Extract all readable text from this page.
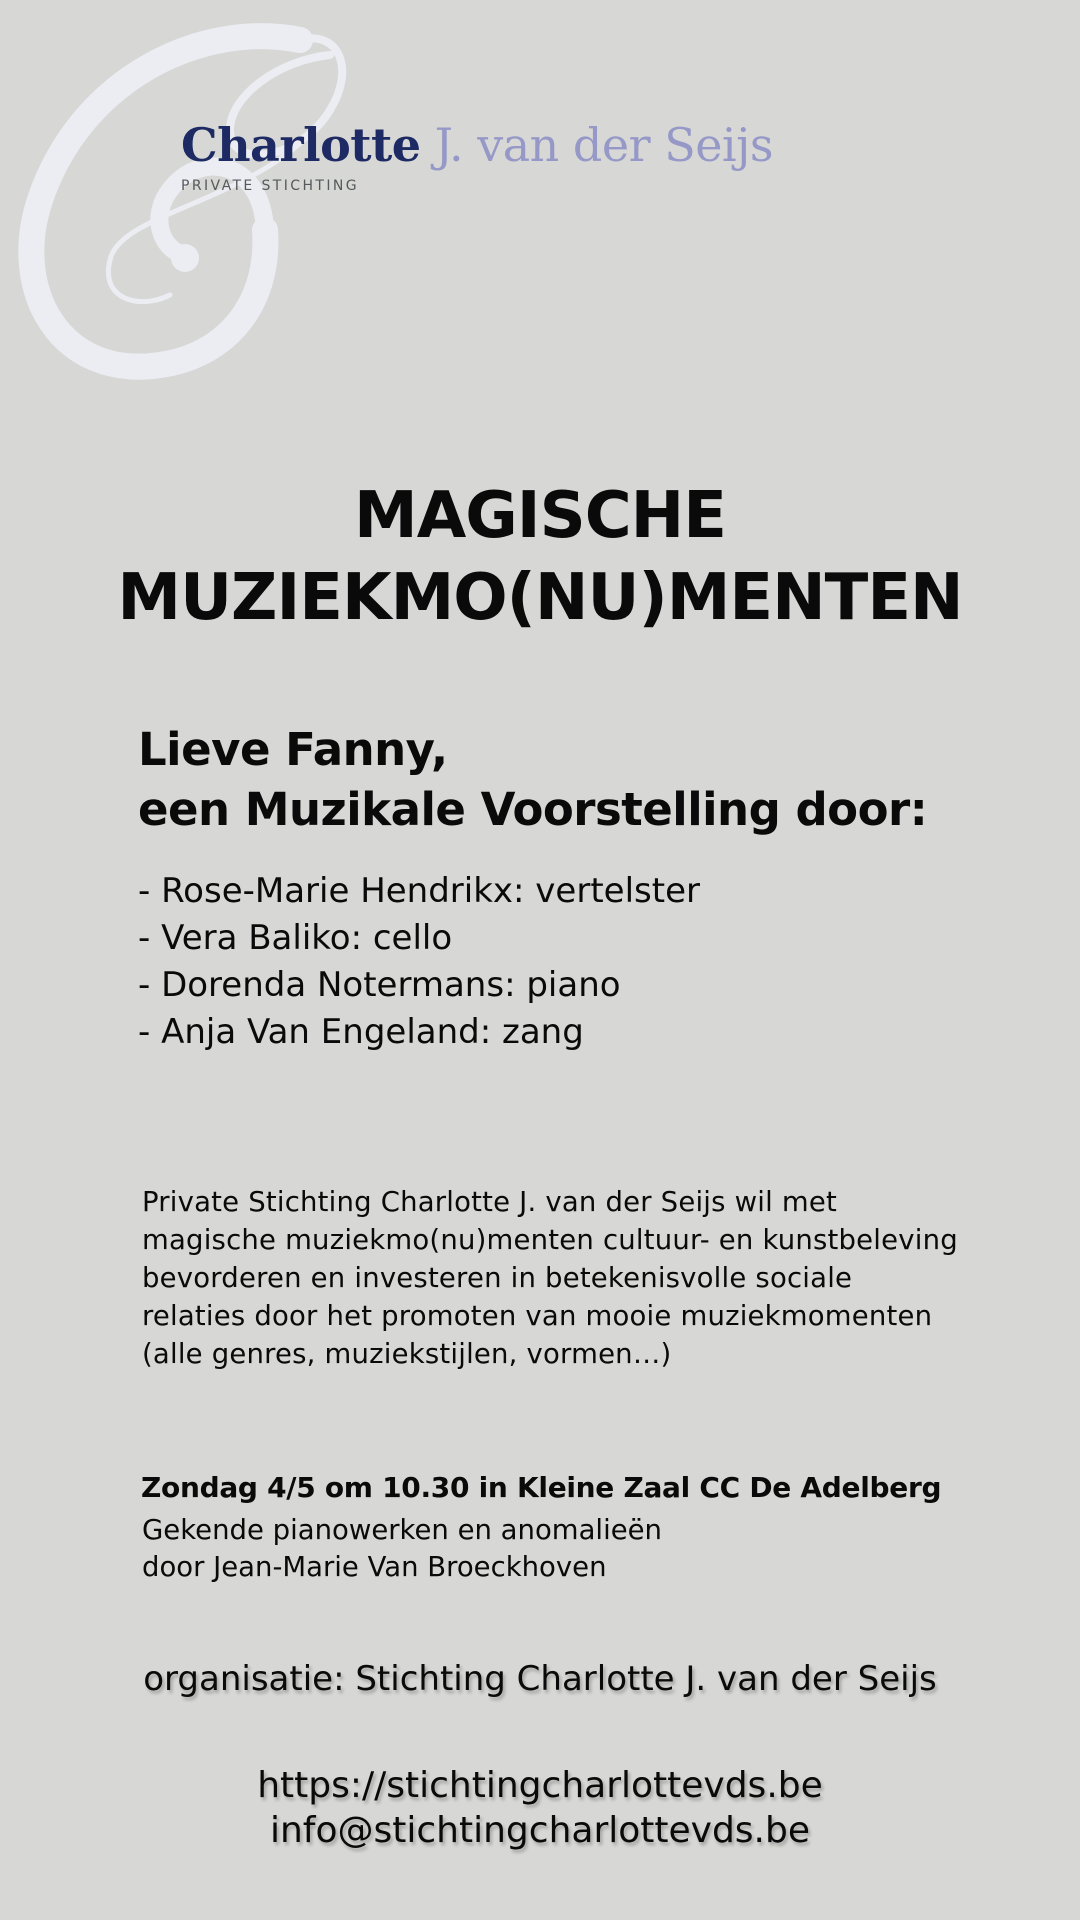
Charlotte J. van der Seijs
PRIVATE STICHTING
MAGISCHE
MUZIEKMO(NU)MENTEN
Lieve Fanny,
een Muzikale Voorstelling door:
- Rose-Marie Hendrikx: vertelster
- Vera Baliko: cello
- Dorenda Notermans: piano
- Anja Van Engeland: zang

Private Stichting Charlotte J. van der Seijs wil met magische muziekmo(nu)menten cultuur- en kunstbeleving bevorderen en investeren in betekenisvolle sociale relaties door het promoten van mooie muziekmomenten (alle genres, muziekstijlen, vormen…)

Zondag 4/5 om 10.30 in Kleine Zaal CC De Adelberg
Gekende pianowerken en anomalieën
door Jean-Marie Van Broeckhoven
organisatie: Stichting Charlotte J. van der Seijs
https://stichtingcharlottevds.be
info@stichtingcharlottevds.be
